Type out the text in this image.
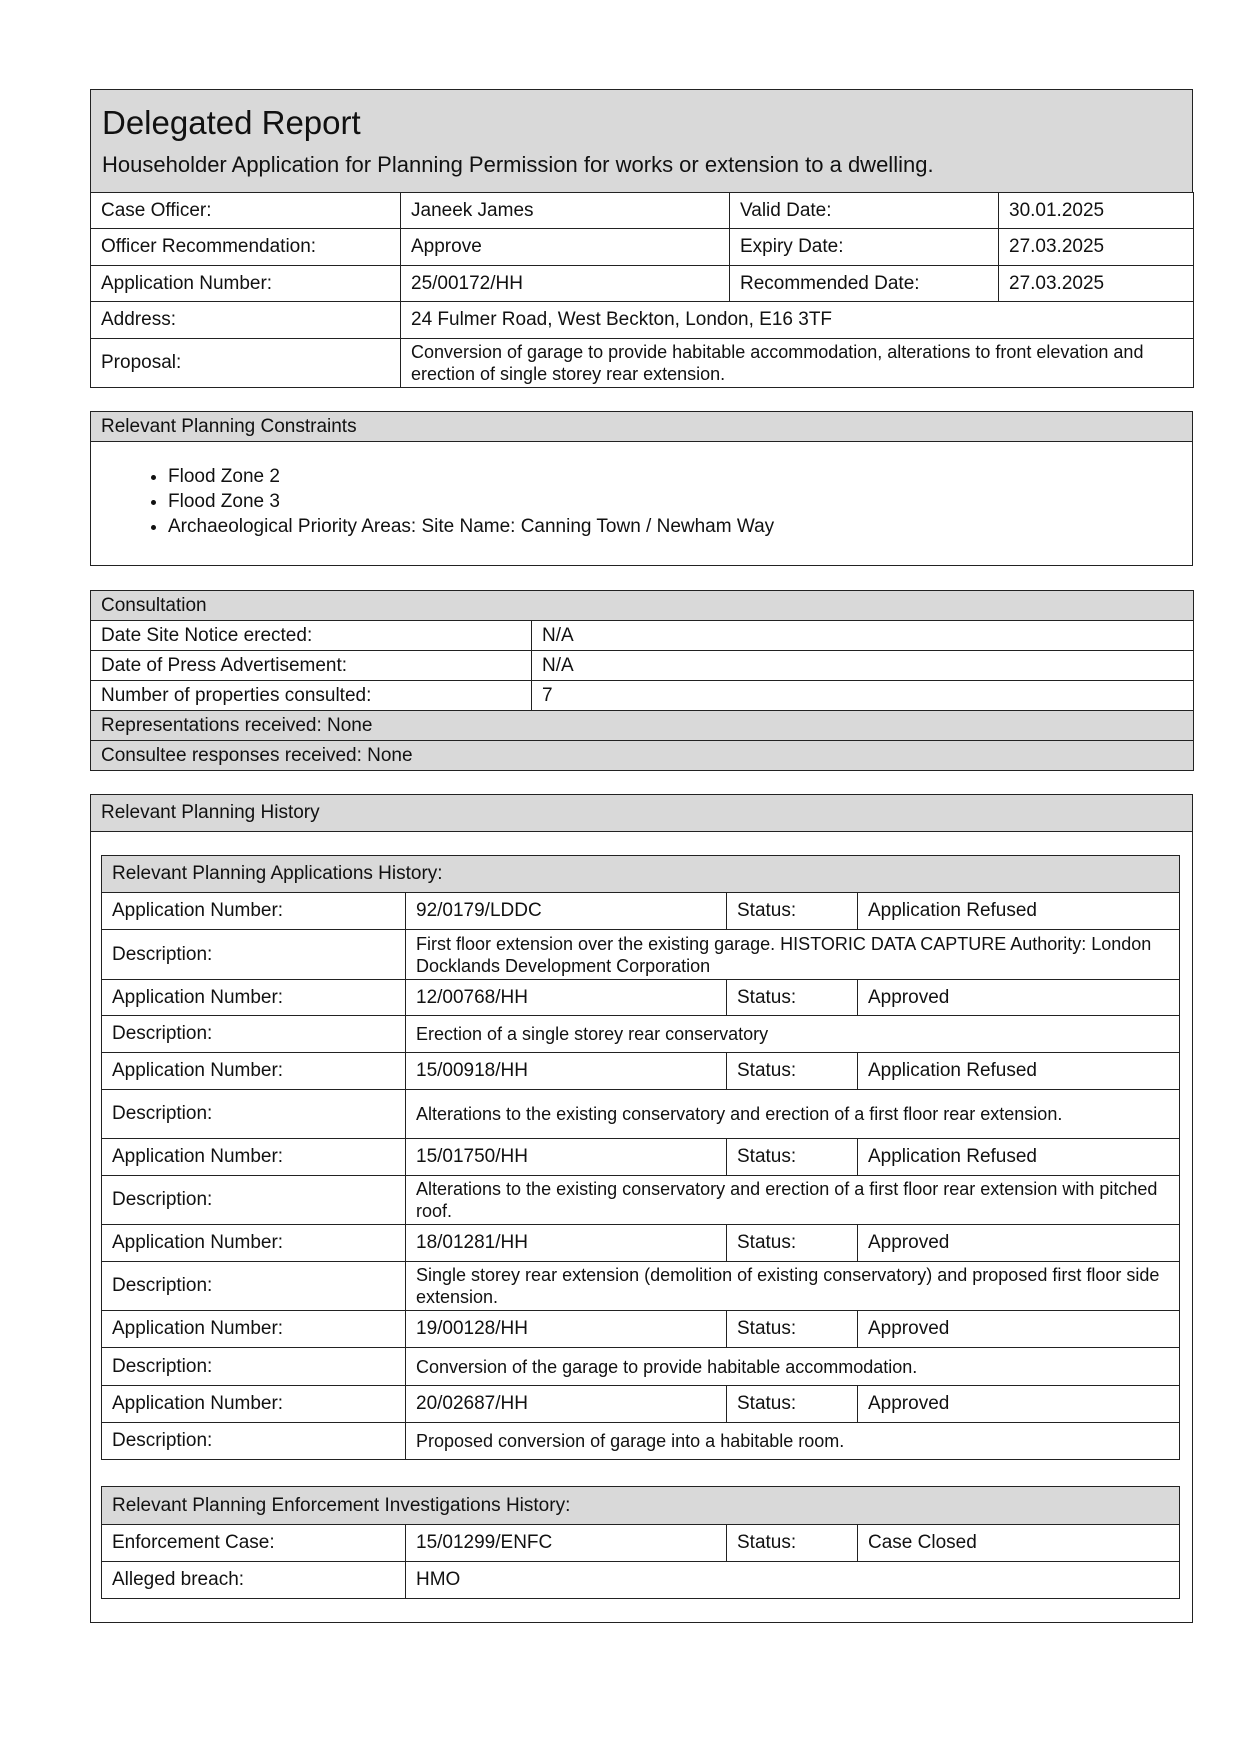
Delegated Report
Householder Application for Planning Permission for works or extension to a dwelling.
Case Officer:	Janeek James	Valid Date:	30.01.2025
Officer Recommendation:	Approve	Expiry Date:	27.03.2025
Application Number:	25/00172/HH	Recommended Date:	27.03.2025
Address:	24 Fulmer Road, West Beckton, London, E16 3TF		
Proposal:	Conversion of garage to provide habitable accommodation, alterations to front elevation and erection of single storey rear extension.		
Relevant Planning Constraints
• Flood Zone 2
• Flood Zone 3
• Archaeological Priority Areas: Site Name: Canning Town / Newham Way
Consultation	
Date Site Notice erected:	N/A
Date of Press Advertisement:	N/A
Number of properties consulted:	7
Representations received: None	
Consultee responses received: None	
Relevant Planning History
Relevant Planning Applications History:			
Application Number:	92/0179/LDDC	Status:	Application Refused
Description:	First floor extension over the existing garage. HISTORIC DATA CAPTURE Authority: London Docklands Development Corporation		
Application Number:	12/00768/HH	Status:	Approved
Description:	Erection of a single storey rear conservatory		
Application Number:	15/00918/HH	Status:	Application Refused
Description:	Alterations to the existing conservatory and erection of a first floor rear extension.		
Application Number:	15/01750/HH	Status:	Application Refused
Description:	Alterations to the existing conservatory and erection of a first floor rear extension with pitched roof.		
Application Number:	18/01281/HH	Status:	Approved
Description:	Single storey rear extension (demolition of existing conservatory) and proposed first floor side extension.		
Application Number:	19/00128/HH	Status:	Approved
Description:	Conversion of the garage to provide habitable accommodation.		
Application Number:	20/02687/HH	Status:	Approved
Description:	Proposed conversion of garage into a habitable room.		
Relevant Planning Enforcement Investigations History:			
Enforcement Case:	15/01299/ENFC	Status:	Case Closed
Alleged breach:	HMO		
